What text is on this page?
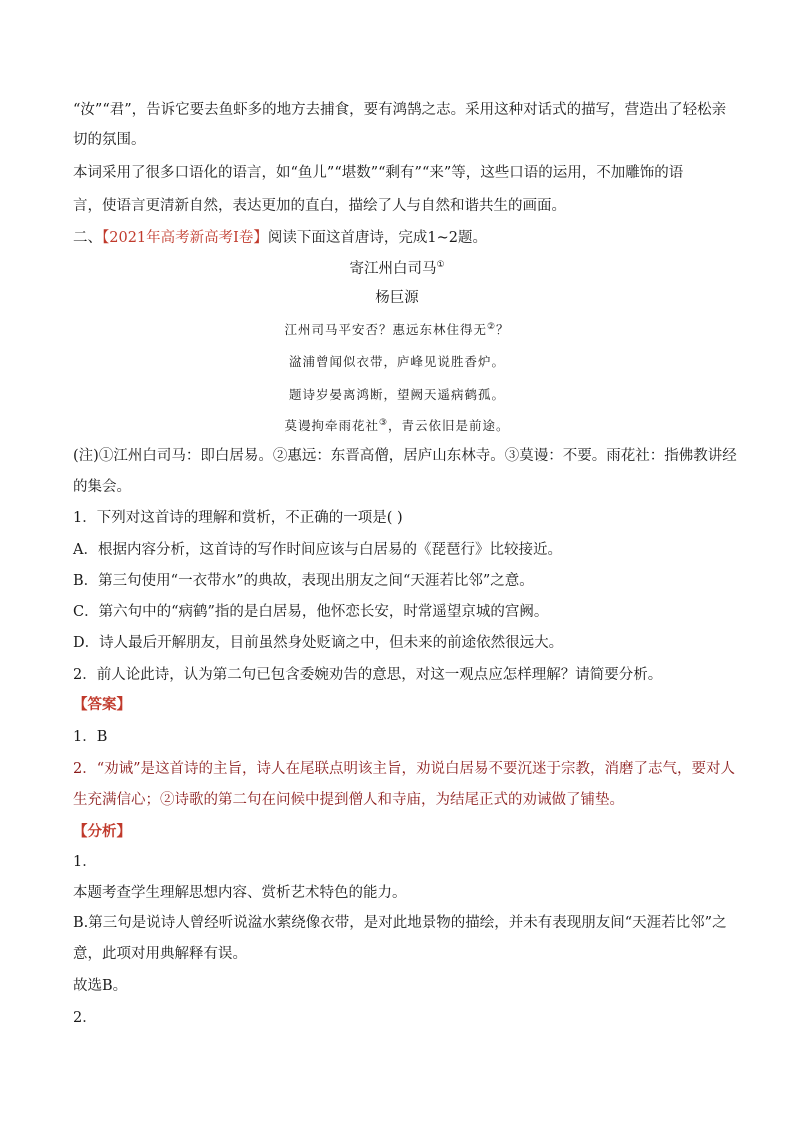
“汝”“君”，告诉它要去鱼虾多的地方去捕食，要有鸿鹄之志。采用这种对话式的描写，营造出了轻松亲
切的氛围。
本词采用了很多口语化的语言，如“鱼儿”“堪数”“剩有”“来”等，这些口语的运用，不加雕饰的语
言，使语言更清新自然，表达更加的直白，描绘了人与自然和谐共生的画面。
二、【2021年高考新高考Ⅰ卷】阅读下面这首唐诗，完成1~2题。
寄江州白司马①
杨巨源
江州司马平安否？惠远东林住得无②？
湓浦曾闻似衣带，庐峰见说胜香炉。
题诗岁晏离鸿断，望阙天遥病鹤孤。
莫谩拘牵雨花社③，青云依旧是前途。
(注)①江州白司马：即白居易。②惠远：东晋高僧，居庐山东林寺。③莫谩：不要。雨花社：指佛教讲经
的集会。
1．下列对这首诗的理解和赏析，不正确的一项是( )
A．根据内容分析，这首诗的写作时间应该与白居易的《琵琶行》比较接近。
B．第三句使用“一衣带水”的典故，表现出朋友之间“天涯若比邻”之意。
C．第六句中的“病鹤”指的是白居易，他怀恋长安，时常遥望京城的宫阙。
D．诗人最后开解朋友，目前虽然身处贬谪之中，但未来的前途依然很远大。
2．前人论此诗，认为第二句已包含委婉劝告的意思，对这一观点应怎样理解？请简要分析。
【答案】
1．B
2．“劝诫”是这首诗的主旨，诗人在尾联点明该主旨，劝说白居易不要沉迷于宗教，消磨了志气，要对人
生充满信心；②诗歌的第二句在问候中提到僧人和寺庙，为结尾正式的劝诫做了铺垫。
【分析】
1．
本题考查学生理解思想内容、赏析艺术特色的能力。
B.第三句是说诗人曾经听说湓水萦绕像衣带，是对此地景物的描绘，并未有表现朋友间“天涯若比邻”之
意，此项对用典解释有误。
故选B。
2．
